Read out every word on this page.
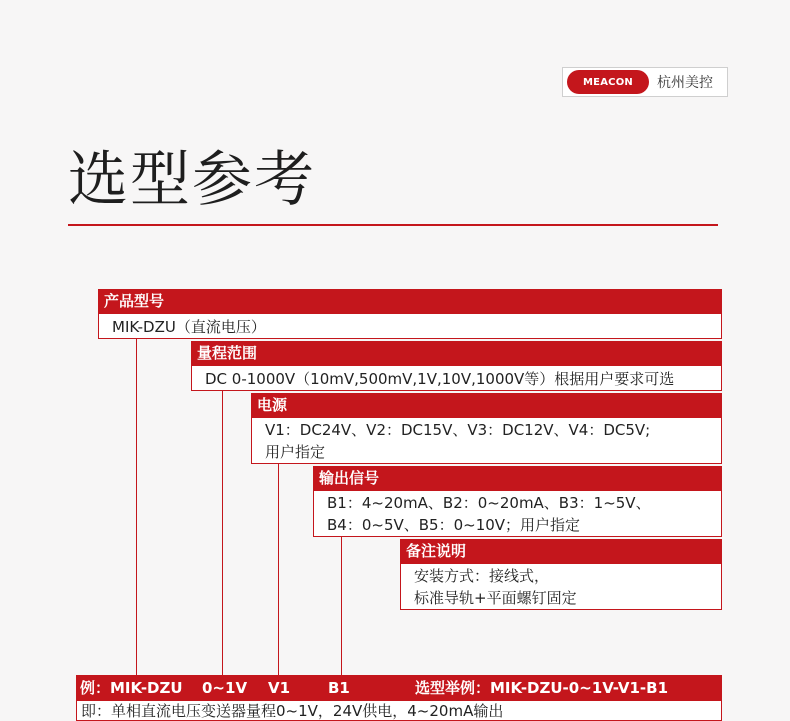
MEACON	杭州美控
选型参考
产品型号
MIK-DZU（直流电压）
量程范围
DC 0-1000V（10mV,500mV,1V,10V,1000V等）根据用户要求可选
电源
V1：DC24V、V2：DC15V、V3：DC12V、V4：DC5V;
用户指定
输出信号
B1：4~20mA、B2：0~20mA、B3：1~5V、
B4：0~5V、B5：0~10V；用户指定
备注说明
安装方式：接线式，
标准导轨+平面螺钉固定
例：MIK-DZU 0~1V V1	B1	选型举例：MIK-DZU-0~1V-V1-B1
即：单相直流电压变送器量程0~1V，24V供电，4~20mA输出
